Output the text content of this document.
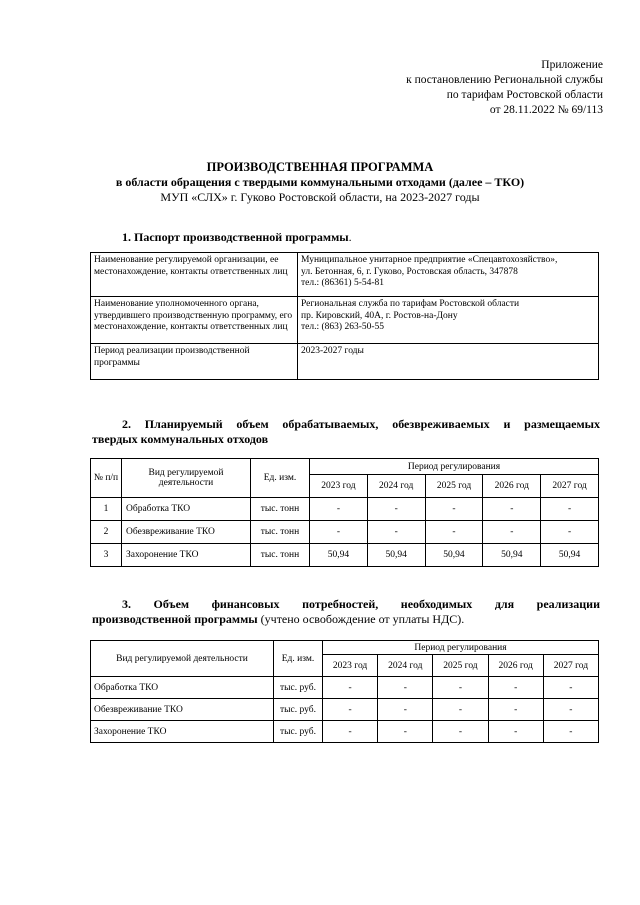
Приложение
к постановлению Региональной службы
по тарифам Ростовской области
от 28.11.2022 № 69/113
ПРОИЗВОДСТВЕННАЯ ПРОГРАММА
в области обращения с твердыми коммунальными отходами (далее – ТКО)
МУП «СЛХ» г. Гуково Ростовской области, на 2023-2027 годы
1. Паспорт производственной программы.
Наименование регулируемой организации, ее местонахождение, контакты ответственных лиц	Муниципальное унитарное предприятие «Спецавтохозяйство»,
ул. Бетонная, 6, г. Гуково, Ростовская область, 347878
тел.: (86361) 5-54-81

Наименование уполномоченного органа, утвердившего производственную программу, его местонахождение, контакты ответственных лиц	Региональная служба по тарифам Ростовской области
пр. Кировский, 40А, г. Ростов-на-Дону
тел.: (863) 263-50-55

Период реализации производственной программы	2023-2027 годы
2. Планируемый объем обрабатываемых, обезвреживаемых и размещаемых
твердых коммунальных отходов
№ п/п	Вид регулируемой деятельности	Ед. изм.	Период регулирования				
			2023 год	2024 год	2025 год	2026 год	2027 год
1	Обработка ТКО	тыс. тонн	-	-	-	-	-
2	Обезвреживание ТКО	тыс. тонн	-	-	-	-	-
3	Захоронение ТКО	тыс. тонн	50,94	50,94	50,94	50,94	50,94
3. Объем финансовых потребностей, необходимых для реализации
производственной программы (учтено освобождение от уплаты НДС).
Вид регулируемой деятельности	Ед. изм.	Период регулирования				
		2023 год	2024 год	2025 год	2026 год	2027 год
Обработка ТКО	тыс. руб.	-	-	-	-	-
Обезвреживание ТКО	тыс. руб.	-	-	-	-	-
Захоронение ТКО	тыс. руб.	-	-	-	-	-
